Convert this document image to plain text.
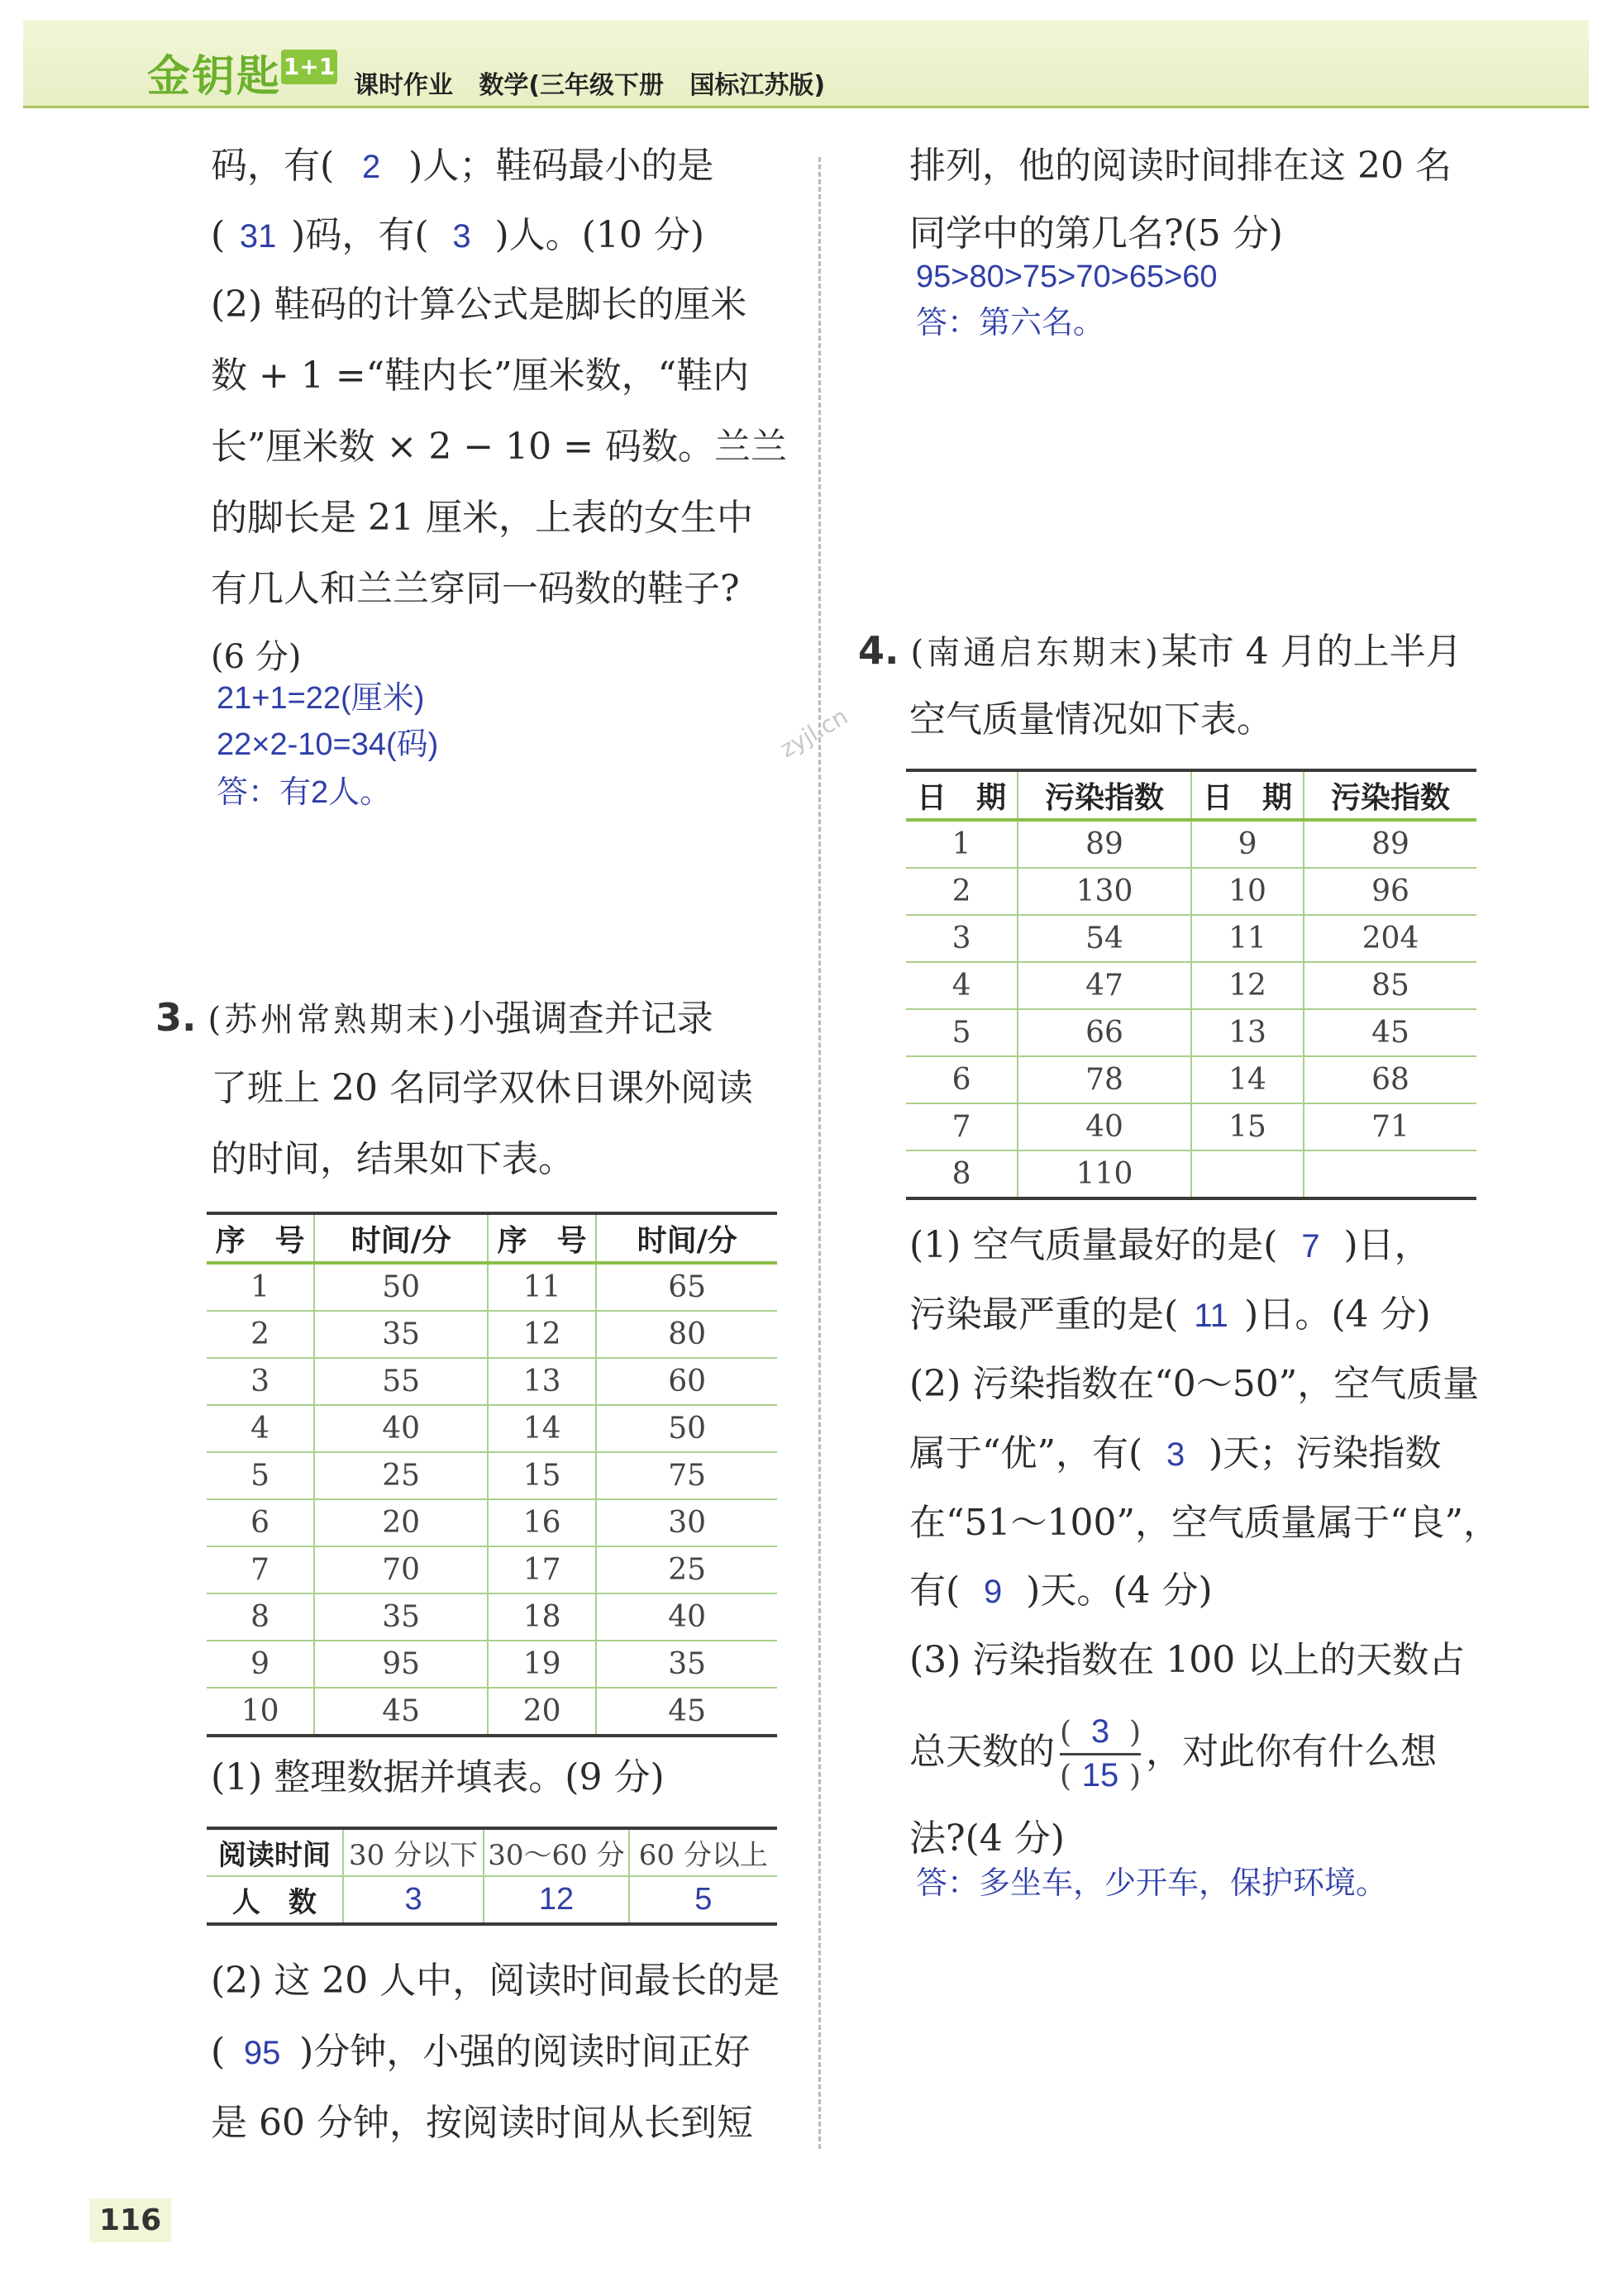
金钥匙 1+1
课时作业   数学(三年级下册   国标江苏版)
zyjl.cn
码，有( 2 )人；鞋码最小的是
( 31 )码，有( 3 )人。(10 分)
(2) 鞋码的计算公式是脚长的厘米
数 + 1 =“鞋内长”厘米数，“鞋内
长”厘米数 × 2 − 10 = 码数。兰兰
的脚长是 21 厘米，上表的女生中
有几人和兰兰穿同一码数的鞋子?
(6 分)
21+1=22(厘米)
22×2-10=34(码)
答：有2人。
3. (苏州常熟期末)小强调查并记录
了班上 20 名同学双休日课外阅读
的时间，结果如下表。
序　号	时间/分	序　号	时间/分
1	50	11	65
2	35	12	80
3	55	13	60
4	40	14	50
5	25	15	75
6	20	16	30
7	70	17	25
8	35	18	40
9	95	19	35
10	45	20	45
(1) 整理数据并填表。(9 分)
阅读时间	30 分以下	30～60 分	60 分以上
人　数	3	12	5
(2) 这 20 人中，阅读时间最长的是
( 95 )分钟，小强的阅读时间正好
是 60 分钟，按阅读时间从长到短
排列，他的阅读时间排在这 20 名
同学中的第几名?(5 分)
95>80>75>70>65>60
答：第六名。
4. (南通启东期末)某市 4 月的上半月
空气质量情况如下表。
日　期	污染指数	日　期	污染指数
1	89	9	89
2	130	10	96
3	54	11	204
4	47	12	85
5	66	13	45
6	78	14	68
7	40	15	71
8	110		
(1) 空气质量最好的是( 7 )日，
污染最严重的是( 11 )日。(4 分)
(2) 污染指数在“0～50”，空气质量
属于“优”，有( 3 )天；污染指数
在“51～100”，空气质量属于“良”，
有( 9 )天。(4 分)
(3) 污染指数在 100 以上的天数占
总天数的 $\frac{( 3 )}{( 15 )}$ ，对此你有什么想
法?(4 分)
答：多坐车，少开车，保护环境。
116
